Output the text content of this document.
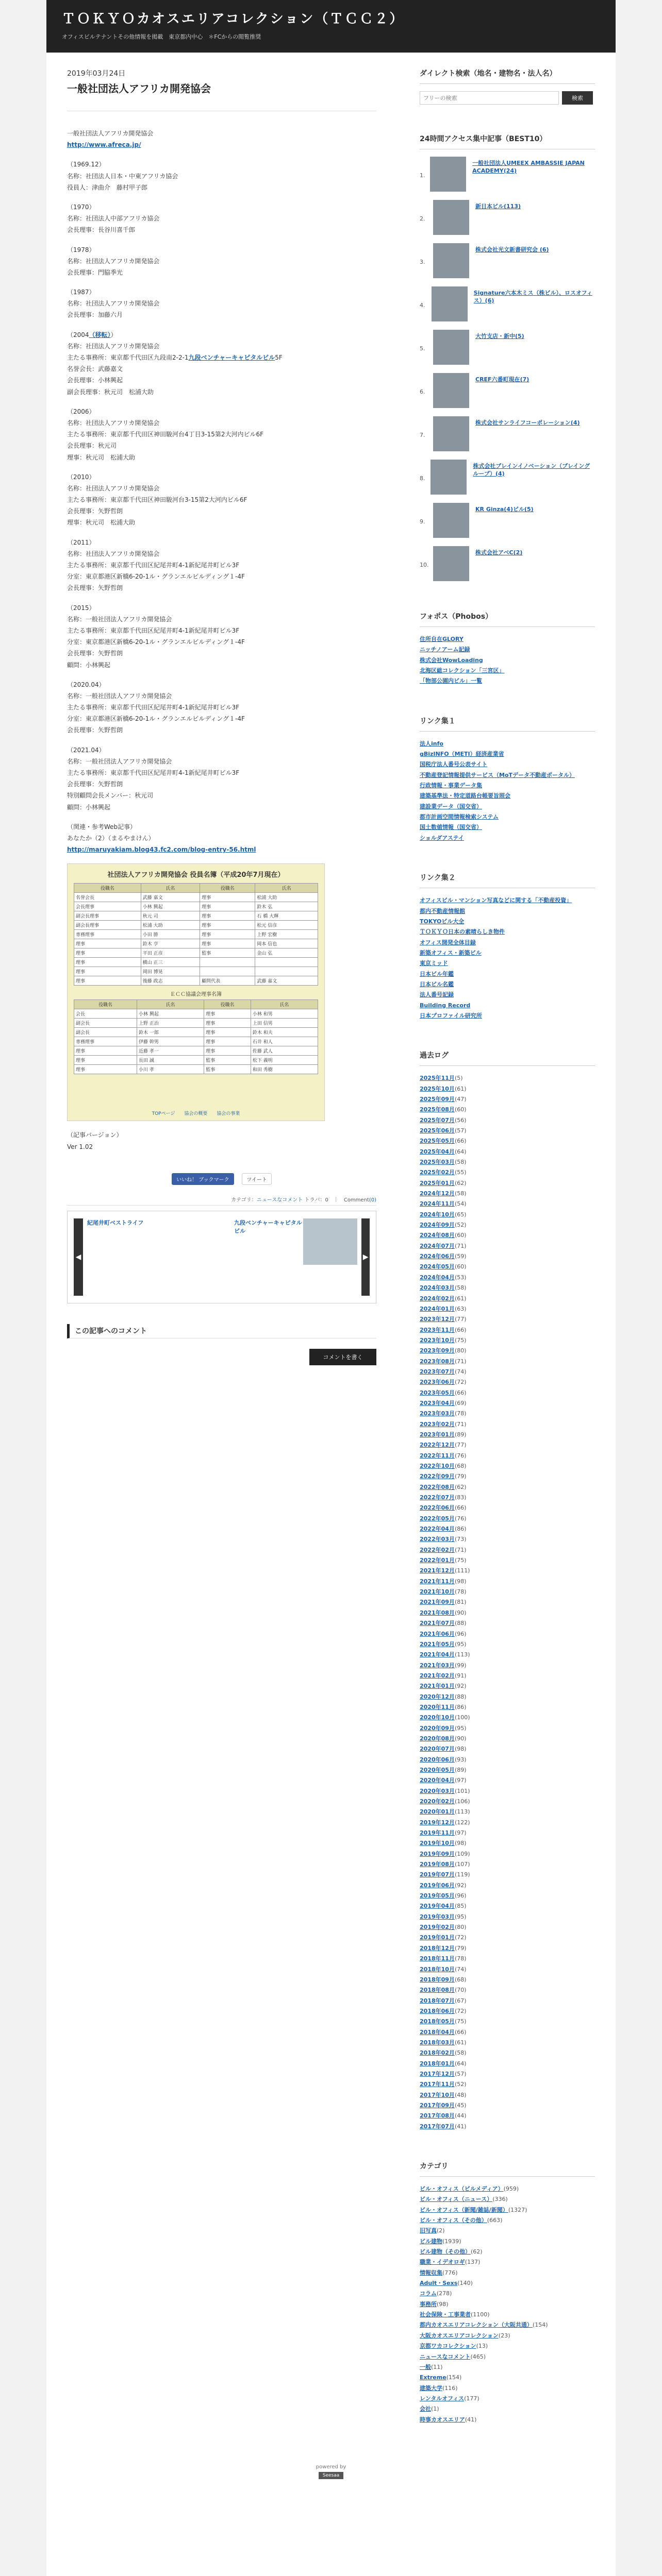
ＴＯＫＹＯカオスエリアコレクション（ＴＣＣ２）
オフィスビルテナントその他情報を掲載　東京都内中心　＊FCからの閲覧推奨
2019年03月24日
一般社団法人アフリカ開発協会

一般社団法人アフリカ開発協会

http://www.afreca.jp/

（1969.12）
名称：社団法人日本・中東アフリカ協会
役員人：津曲介　藤村甲子郎
（1970）
名称：社団法人中部アフリカ協会
会長理事：長谷川喜千郎
（1978）
名称：社団法人アフリカ開発協会
会長理事：門脇季光
（1987）
名称：社団法人アフリカ開発協会
会長理事：加藤六月
（2004（移転））
名称：社団法人アフリカ開発協会
主たる事務所：東京都千代田区九段南2-2-1九段ベンチャーキャピタルビル5F
名誉会長：武藤嘉文
会長理事：小林興起
副会長理事：秋元司　松浦大助
（2006）
名称：社団法人アフリカ開発協会
主たる事務所：東京都千代田区神田駿河台4丁目3-15第2大河内ビル6F
会長理事：秋元司
理事：秋元司　松浦大助
（2010）
名称：社団法人アフリカ開発協会
主たる事務所：東京都千代田区神田駿河台3-15第2大河内ビル6F
会長理事：矢野哲朗
理事：秋元司　松浦大助
（2011）
名称：社団法人アフリカ開発協会
主たる事務所：東京都千代田区紀尾井町4-1新紀尾井町ビル3F
分室：東京都港区新橋6-20-1ル・グランエルビルディング１-4F
会長理事：矢野哲朗
（2015）
名称：一般社団法人アフリカ開発協会
主たる事務所：東京都千代田区紀尾井町4-1新紀尾井町ビル3F
分室：東京都港区新橋6-20-1ル・グランエルビルディング１-4F
会長理事：矢野哲朗
顧問：小林興起
（2020.04）
名称：一般社団法人アフリカ開発協会
主たる事務所：東京都千代田区紀尾井町4-1新紀尾井町ビル3F
分室：東京都港区新橋6-20-1ル・グランエルビルディング１-4F
会長理事：矢野哲朗
（2021.04）
名称：一般社団法人アフリカ開発協会
主たる事務所：東京都千代田区紀尾井町4-1新紀尾井町ビル3F
会長理事：矢野哲朗
特別顧問会長メンバー：秋元司
顧問：小林興起

（関連・参考Web記事）

あなたか（2）（まるやまけん）

http://maruyakiam.blog43.fc2.com/blog-entry-56.html

社団法人アフリカ開発協会 役員名簿（平成20年7月現在）
役職名	氏名	役職名	氏名
名誉会長	武藤 嘉文	理事	松浦 大助
会長理事	小林 興起	理事	鈴木 弘
副会長理事	秋元 司	理事	石 橋 大輝
副会長理事	松浦 大助	理事	松元 信彦
専務理事	小田 勝	理事	上野 宏樹
理事	鈴木 亨	理事	岡本 信也
理事	平田 正彦	監事	金山 弘
理事	横山 正三		
理事	岡田 博晃		
理事	後藤 政志	顧問代表	武藤 嘉文
ＥＣＣ協議会理事名簿
役職名	氏名	役職名	氏名
会長	小林 興起	理事	小林 和男
副会長	上野 正治	理事	上田 信男
副会長	鈴木 一郎	理事	鈴木 和夫
専務理事	伊藤 幹男	理事	石井 和人
理事	近藤 孝一	理事	佐藤 武人
理事	長田 誠	監事	松下 義明
理事	小川 孝	監事	和田 秀樹
TOPページ　　協会の概要　　協会の事業

（記事バージョン）

Ver 1.02

いいね！ ブックマーク	ツイート
カテゴリ：ニュースなコメント トラバ：0　｜　Comment(0)
◀
紀尾井町ベストライフ	九段ベンチャーキャピタルビル
▶
この記事へのコメント
コメントを書く
ダイレクト検索（地名・建物名・法人名）
フリーの検索
検索
24時間アクセス集中記事（BEST10）
1.
一般社団法人UMEEX AMBASSIE JAPAN ACADEMY(24)
2.
新日本ビル(113)
3.
株式会社光文新書研究会 (6)
4.
Signature六本木ミス（株ビル）、ロスオフィス）(6)
5.
大竹支店・新中(5)
6.
CREF六番町現在(7)
7.
株式会社サンライフコーポレーション(4)
8.
株式会社ブレインイノベーション（ブレイングループ）(4)
9.
KR Ginza(4)ビル(5)
10.
株式会社アベC(2)
フォポス（Phobos）
住所自在GLORY
ニッチノアーム記録
株式会社WowLoading
北海区総コレクション「三宮区」
「物部公園内ビル」一覧
リンク集１
法人info
gBizINFO（METI）経済産業省
国税庁法人番号公表サイト
不動産登記情報提供サービス（MoTデータ不動産ポータル）
行政情報・事業データ集
建築基準法・特定道路台帳要旨照会
建設業データ（国交省）
都市計画空間情報検索システム
国土数値情報（国交省）
ショルダアステイ
リンク集２
オフィスビル・マンション写真などに関する「不動産投資」
都内不動産情報館
TOKYOビル大全
ＴＯＫＹＯ日本の素晴らしき物件
オフィス開発全体目録
新築オフィス・新築ビル
東京ミッド
日本ビル年鑑
日本ビル名鑑
法人番号記録
Building Record
日本プロファイル研究所
過去ログ
2025年11月(5)
2025年10月(61)
2025年09月(47)
2025年08月(60)
2025年07月(56)
2025年06月(57)
2025年05月(66)
2025年04月(64)
2025年03月(58)
2025年02月(55)
2025年01月(62)
2024年12月(58)
2024年11月(54)
2024年10月(65)
2024年09月(52)
2024年08月(60)
2024年07月(71)
2024年06月(59)
2024年05月(60)
2024年04月(53)
2024年03月(58)
2024年02月(61)
2024年01月(63)
2023年12月(77)
2023年11月(66)
2023年10月(75)
2023年09月(80)
2023年08月(71)
2023年07月(74)
2023年06月(72)
2023年05月(66)
2023年04月(69)
2023年03月(78)
2023年02月(71)
2023年01月(89)
2022年12月(77)
2022年11月(76)
2022年10月(68)
2022年09月(79)
2022年08月(62)
2022年07月(83)
2022年06月(66)
2022年05月(76)
2022年04月(86)
2022年03月(73)
2022年02月(71)
2022年01月(75)
2021年12月(111)
2021年11月(98)
2021年10月(78)
2021年09月(81)
2021年08月(90)
2021年07月(88)
2021年06月(96)
2021年05月(95)
2021年04月(113)
2021年03月(99)
2021年02月(91)
2021年01月(92)
2020年12月(88)
2020年11月(86)
2020年10月(100)
2020年09月(95)
2020年08月(90)
2020年07月(98)
2020年06月(93)
2020年05月(89)
2020年04月(97)
2020年03月(101)
2020年02月(106)
2020年01月(113)
2019年12月(122)
2019年11月(97)
2019年10月(98)
2019年09月(109)
2019年08月(107)
2019年07月(119)
2019年06月(92)
2019年05月(96)
2019年04月(85)
2019年03月(95)
2019年02月(80)
2019年01月(72)
2018年12月(79)
2018年11月(78)
2018年10月(74)
2018年09月(68)
2018年08月(70)
2018年07月(67)
2018年06月(72)
2018年05月(75)
2018年04月(66)
2018年03月(61)
2018年02月(58)
2018年01月(64)
2017年12月(57)
2017年11月(52)
2017年10月(48)
2017年09月(45)
2017年08月(44)
2017年07月(41)
カテゴリ
ビル・オフィス（ビルメディア）(959)
ビル・オフィス（ニュース）(336)
ビル・オフィス（新聞/雑誌/新聞）(1327)
ビル・オフィス（その他）(663)
旧写真(2)
ビル建物(1939)
ビル建物（その他）(62)
職業・イデオロギ(137)
情報収集(776)
Adult・Sexs(140)
コラム(278)
事務所(98)
社会保険・工事業者(1100)
都内カオスエリアコレクション（大阪共通）(154)
大阪カオスエリアコレクション(23)
京都ワカコレクション(13)
ニュースなコメント(465)
一般(11)
Extreme(154)
建築大学(116)
レンタルオフィス(177)
会社(1)
時事カオスエリア(41)
powered by
Seesaa
